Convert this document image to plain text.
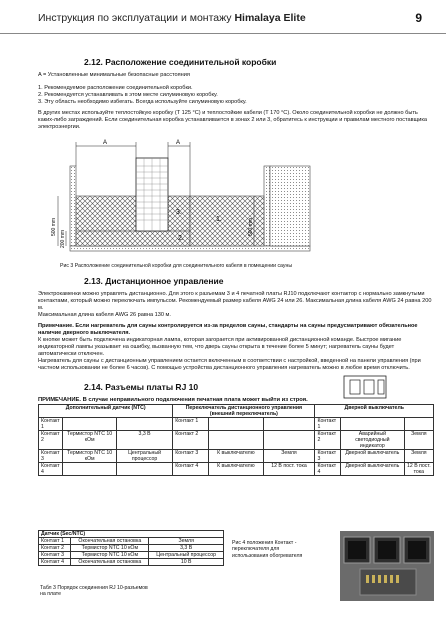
Инструкция по эксплуатации и монтажу Himalaya Elite	9
2.12. Расположение соединительной коробки
A = Установленные минимальные безопасные расстояния
1. Рекомендуемое расположение соединительной коробки.
2. Рекомендуется устанавливать в этом месте силуминовую коробку.
3. Эту область необходимо избегать. Всегда используйте силуминовую коробку.
В других местах используйте теплостойкую коробку (T 125 °C) и теплостойкие кабели (T 170 °C). Около соединительной коробки не должно быть каких-либо заграждений. Если соединительная коробка устанавливается в зонах 2 или 3, обратитесь к инструкции и правилам местного поставщика электроэнергии.
A	A
500 mm
200 mm
500 mm
1.
2.
3.
Рис 3 Расположение соединительной коробки для соединительного кабеля в помещении сауны
2.13. Дистанционное управление
Электрокаменки можно управлять дистанционно. Для этого к разъемам 3 и 4 печатной платы RJ10 подключают контактор с нормально замкнутыми контактами, который можно переключать импульсом. Рекомендуемый размер кабеля AWG 24 или 26. Максимальная длина кабеля AWG 24 равна 200 м.
Максимальная длина кабеля AWG 26 равна 130 м.
Примечание. Если нагреватель для сауны контролируется из-за пределов сауны, стандарты на сауны предусматривают обязательное наличие дверного выключателя.
К кнопке может быть подключена индикаторная лампа, которая загорается при активированной дистанционной команде. Быстрое мигание индикаторной лампы указывает на ошибку, вызванную тем, что дверь сауны открыта в течение более 5 минут; нагреватель сауны будет автоматически отключен.
Нагреватель для сауны с дистанционным управлением остается включенным в соответствии с настройкой, введенной на панели управления (при частном использовании не более 6 часов). С помощью устройства дистанционного управления нагреватель можно в любое время отключить.
2.14. Разъемы платы RJ 10
ПРИМЕЧАНИЕ. В случае неправильного подключения печатная плата может выйти из строя.
Дополнительный датчик (NTC)			Переключатель дистанционного управления (внешний переключатель)			Дверной выключатель		
Контакт 1			Контакт 1			Контакт 1		
Контакт 2	Термистор NTC 10 кОм	3,3 В	Контакт 2			Контакт 2	Аварийный светодиодный индикатор	Земля
Контакт 3	Термистор NTC 10 кОм	Центральный процессор	Контакт 3	К выключателю	Земля	Контакт 3	Дверной выключатель	Земля
Контакт 4			Контакт 4	К выключателю	12 В пост. тока	Контакт 4	Дверной выключатель	12 В пост. тока
Датчик (Sec/NTC)		
Контакт 1	Окончательная остановка	Земля
Контакт 2	Термистор NTC 10 кОм	3,3 В
Контакт 3	Термистор NTC 10 кОм	Центральный процессор
Контакт 4	Окончательная остановка	10 В
Табл 3 Порядок соединения RJ 10-разъемов на плате
Рис 4 положения Контакт - переключателя для использования обогревателя
